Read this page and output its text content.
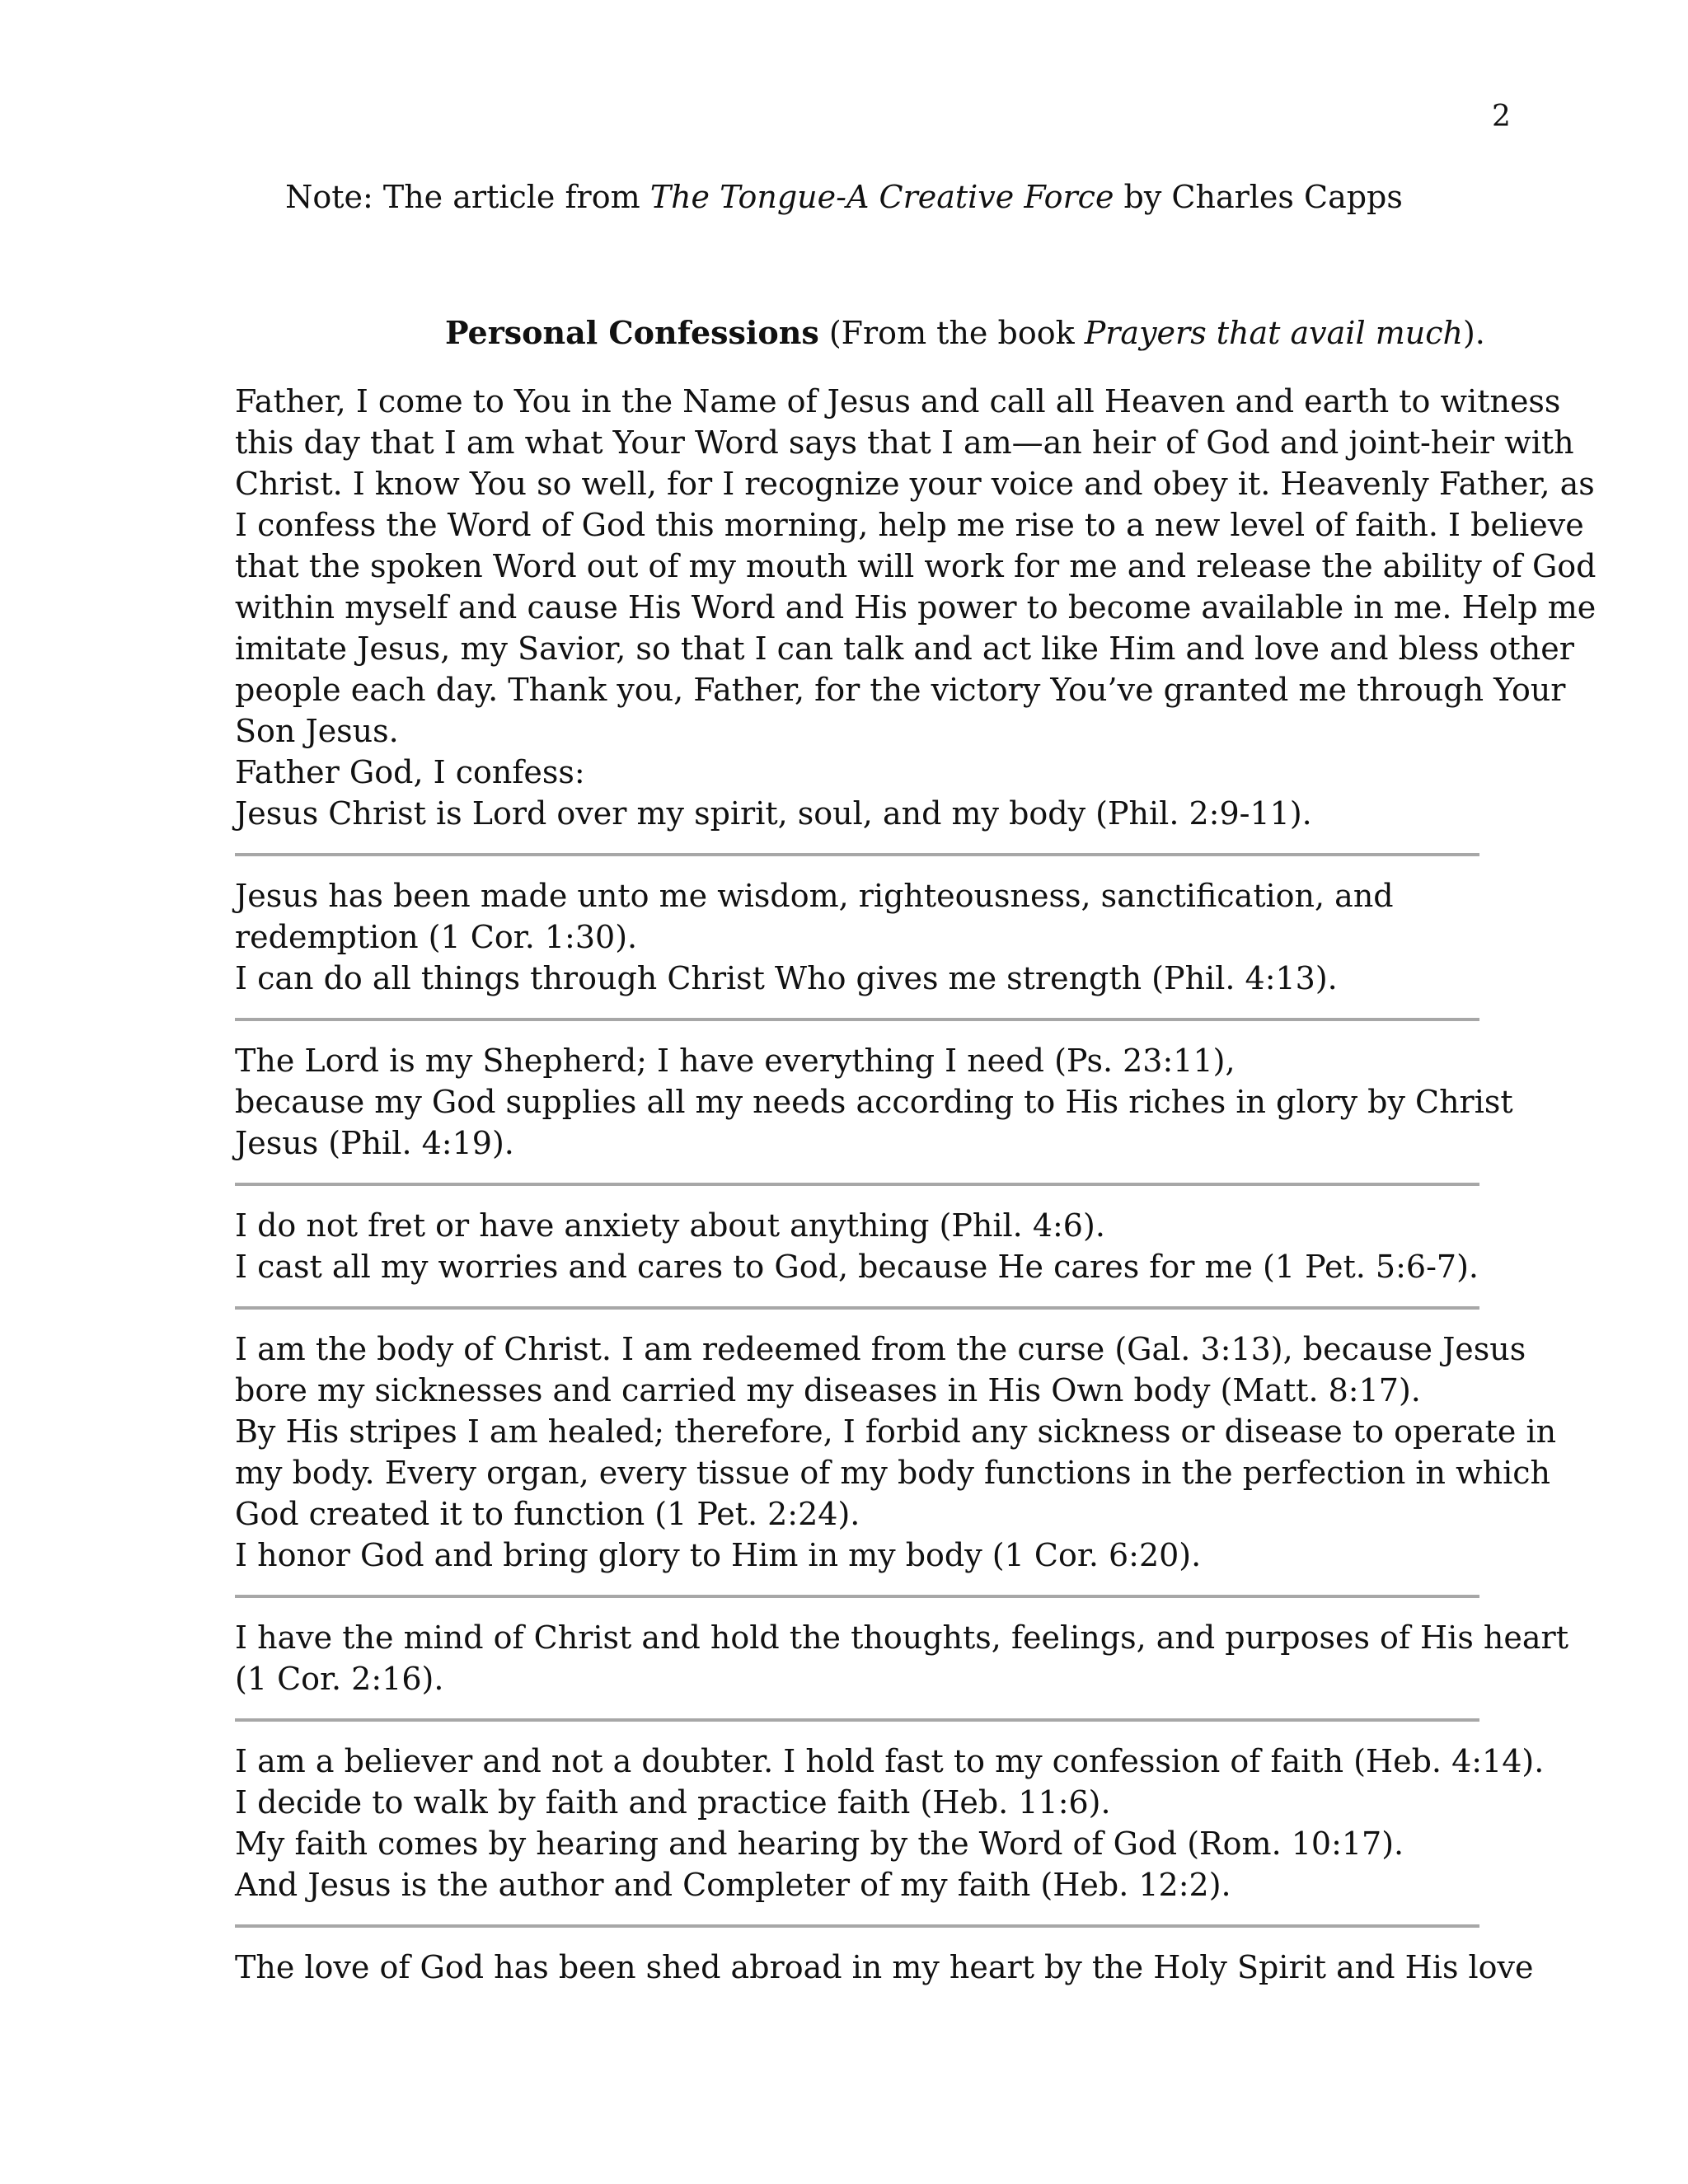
2
Note: The article from The Tongue-A Creative Force by Charles Capps
Personal Confessions (From the book Prayers that avail much).
Father, I come to You in the Name of Jesus and call all Heaven and earth to witness
this day that I am what Your Word says that I am—an heir of God and joint-heir with
Christ. I know You so well, for I recognize your voice and obey it. Heavenly Father, as
I confess the Word of God this morning, help me rise to a new level of faith. I believe
that the spoken Word out of my mouth will work for me and release the ability of God
within myself and cause His Word and His power to become available in me. Help me
imitate Jesus, my Savior, so that I can talk and act like Him and love and bless other
people each day. Thank you, Father, for the victory You’ve granted me through Your
Son Jesus.
Father God, I confess:
Jesus Christ is Lord over my spirit, soul, and my body (Phil. 2:9-11).
Jesus has been made unto me wisdom, righteousness, sanctification, and
redemption (1 Cor. 1:30).
I can do all things through Christ Who gives me strength (Phil. 4:13).
The Lord is my Shepherd; I have everything I need (Ps. 23:11),
because my God supplies all my needs according to His riches in glory by Christ
Jesus (Phil. 4:19).
I do not fret or have anxiety about anything (Phil. 4:6).
I cast all my worries and cares to God, because He cares for me (1 Pet. 5:6-7).
I am the body of Christ. I am redeemed from the curse (Gal. 3:13), because Jesus
bore my sicknesses and carried my diseases in His Own body (Matt. 8:17).
By His stripes I am healed; therefore, I forbid any sickness or disease to operate in
my body. Every organ, every tissue of my body functions in the perfection in which
God created it to function (1 Pet. 2:24).
I honor God and bring glory to Him in my body (1 Cor. 6:20).
I have the mind of Christ and hold the thoughts, feelings, and purposes of His heart
(1 Cor. 2:16).
I am a believer and not a doubter. I hold fast to my confession of faith (Heb. 4:14).
I decide to walk by faith and practice faith (Heb. 11:6).
My faith comes by hearing and hearing by the Word of God (Rom. 10:17).
And Jesus is the author and Completer of my faith (Heb. 12:2).
The love of God has been shed abroad in my heart by the Holy Spirit and His love
